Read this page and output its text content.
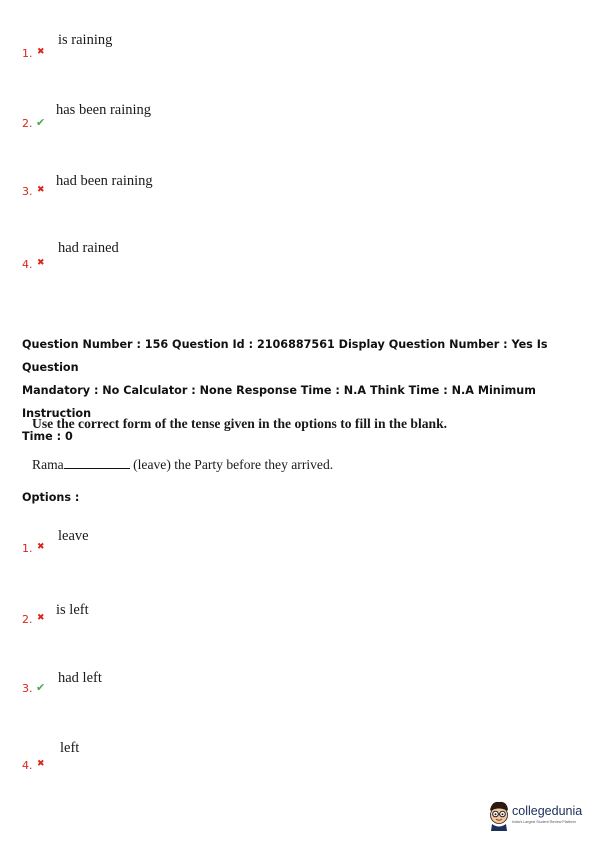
1. ✖
is raining
2. ✔
has been raining
3. ✖
had been raining
4. ✖
had rained
Question Number : 156 Question Id : 2106887561 Display Question Number : Yes Is Question
Mandatory : No Calculator : None Response Time : N.A Think Time : N.A Minimum Instruction
Time : 0
Use the correct form of the tense given in the options to fill in the blank.
Rama	(leave) the Party before they arrived.
Options :
1. ✖
leave
2. ✖ is left
3. ✔
had left
4. ✖
left
collegedunia
India's Largest Student Review Platform
